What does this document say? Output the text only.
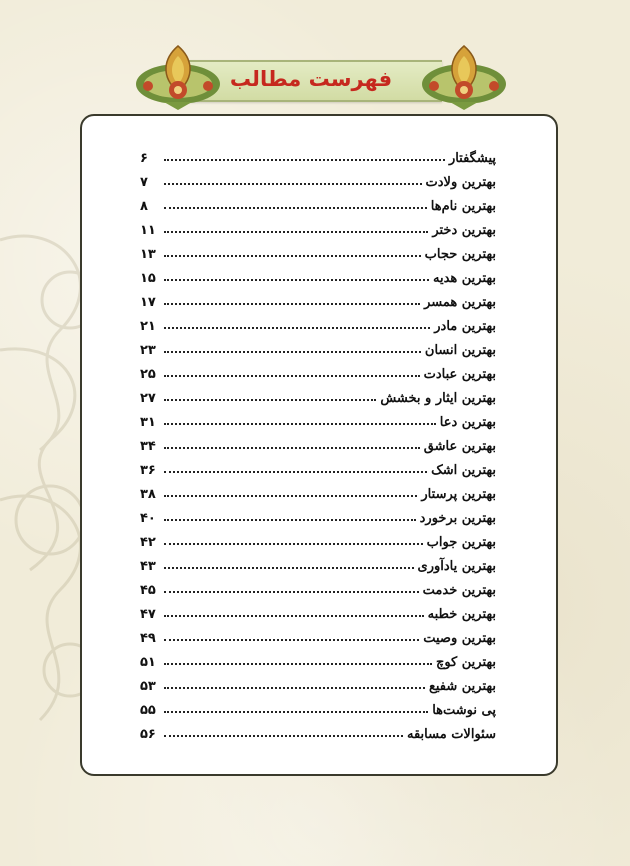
فهرست مطالب
پیشگفتار
۶
بهترین ولادت
۷
بهترین نام‌ها
۸
بهترین دختر
۱۱
بهترین حجاب
۱۳
بهترین هدیه
۱۵
بهترین همسر
۱۷
بهترین مادر
۲۱
بهترین انسان
۲۳
بهترین عبادت
۲۵
بهترین ایثار و بخشش
۲۷
بهترین دعا
۳۱
بهترین عاشق
۳۴
بهترین اشک
۳۶
بهترین پرستار
۳۸
بهترین برخورد
۴۰
بهترین جواب
۴۲
بهترین یادآوری
۴۳
بهترین خدمت
۴۵
بهترین خطبه
۴۷
بهترین وصیت
۴۹
بهترین کوچ
۵۱
بهترین شفیع
۵۳
پی نوشت‌ها
۵۵
سئوالات مسابقه
۵۶
